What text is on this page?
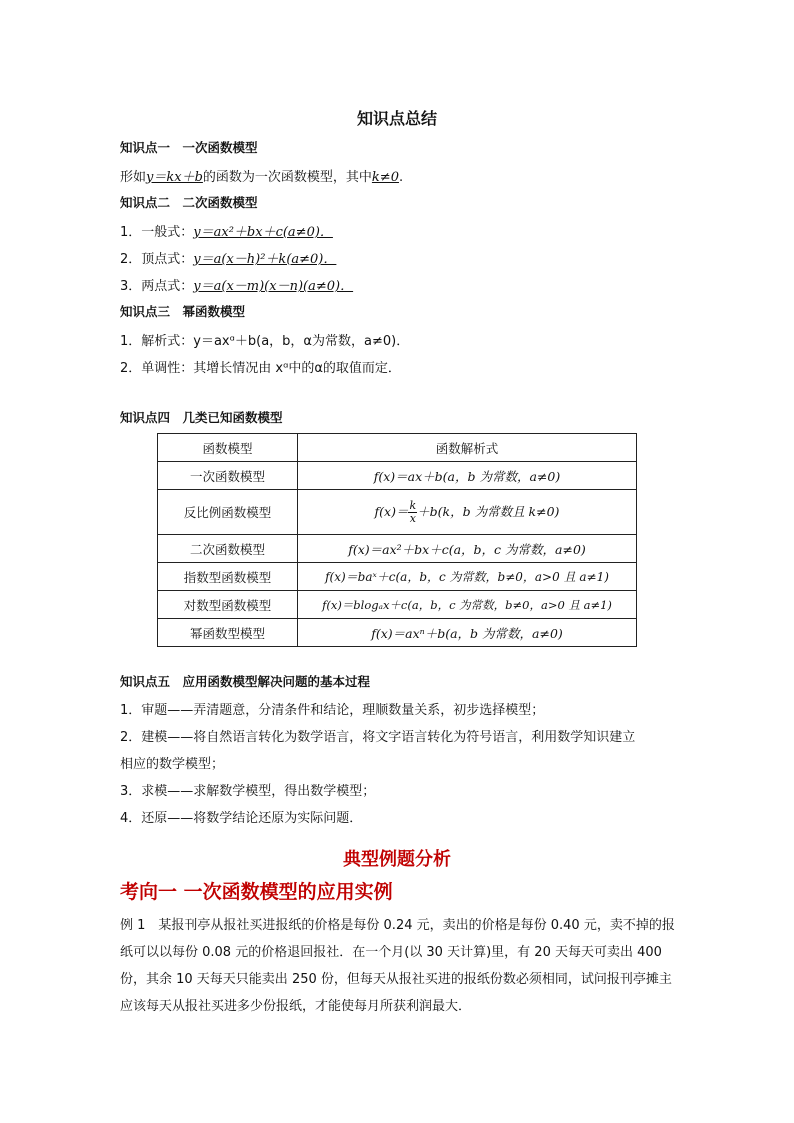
知识点总结
知识点一　一次函数模型
形如y＝kx＋b的函数为一次函数模型，其中k≠0.
知识点二　二次函数模型
1．一般式：y＝ax²＋bx＋c(a≠0)．
2．顶点式：y＝a(x－h)²＋k(a≠0)．
3．两点式：y＝a(x－m)(x－n)(a≠0)．
知识点三　幂函数模型
1．解析式：y＝axᵅ＋b(a，b，α为常数，a≠0)．
2．单调性：其增长情况由 xᵅ中的α的取值而定．
知识点四　几类已知函数模型
函数模型	函数解析式
一次函数模型	f(x)＝ax＋b(a，b 为常数，a≠0)
反比例函数模型	$f(x)= \frac{k}{x} +b(k$，b 为常数且 k≠0)
二次函数模型	f(x)＝ax²＋bx＋c(a，b，c 为常数，a≠0)
指数型函数模型	f(x)＝baˣ＋c(a，b，c 为常数，b≠0，a>0 且 a≠1)
对数型函数模型	f(x)＝blogₐx＋c(a，b，c 为常数，b≠0，a>0 且 a≠1)
幂函数型模型	f(x)＝axⁿ＋b(a，b 为常数，a≠0)
知识点五　应用函数模型解决问题的基本过程
1．审题——弄清题意，分清条件和结论，理顺数量关系，初步选择模型；
2．建模——将自然语言转化为数学语言，将文字语言转化为符号语言，利用数学知识建立
相应的数学模型；
3．求模——求解数学模型，得出数学模型；
4．还原——将数学结论还原为实际问题．
典型例题分析
考向一 一次函数模型的应用实例
例 1　某报刊亭从报社买进报纸的价格是每份 0.24 元，卖出的价格是每份 0.40 元，卖不掉的报纸可以以每份 0.08 元的价格退回报社．在一个月(以 30 天计算)里，有 20 天每天可卖出 400 份，其余 10 天每天只能卖出 250 份，但每天从报社买进的报纸份数必须相同，试问报刊亭摊主应该每天从报社买进多少份报纸，才能使每月所获利润最大．
